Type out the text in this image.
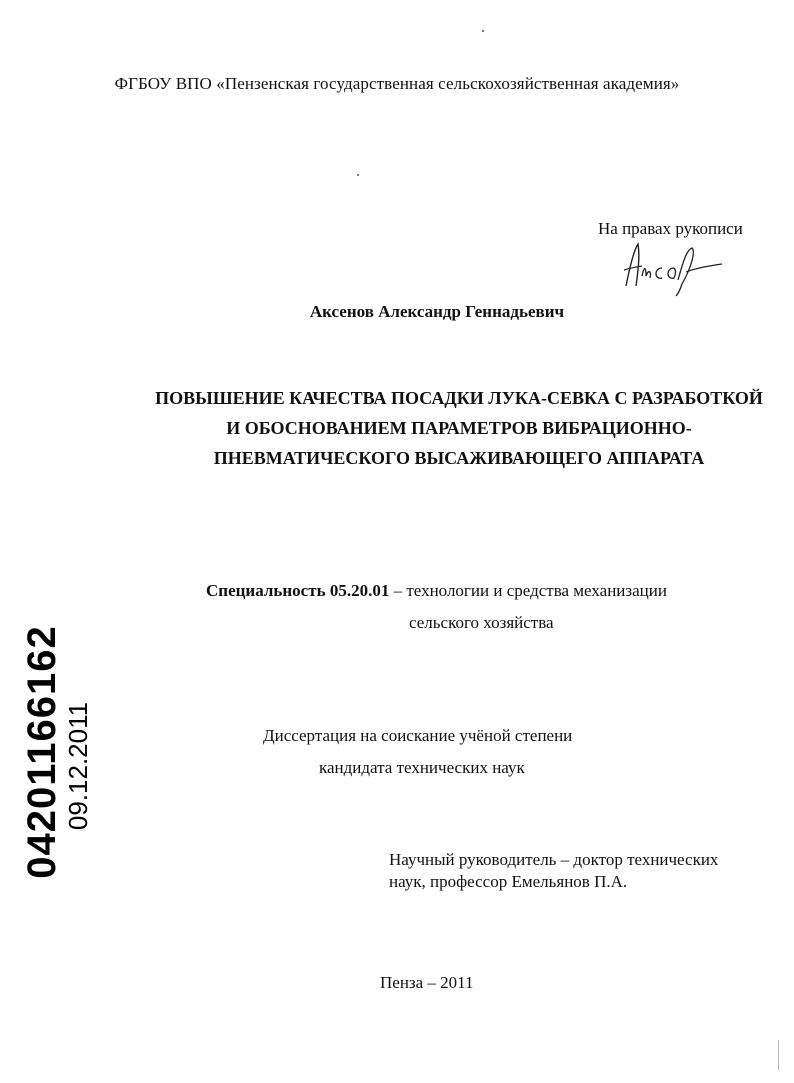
ФГБОУ ВПО «Пензенская государственная сельскохозяйственная академия»
На правах рукописи
Аксенов Александр Геннадьевич
ПОВЫШЕНИЕ КАЧЕСТВА ПОСАДКИ ЛУКА-СЕВКА С РАЗРАБОТКОЙ
И ОБОСНОВАНИЕМ ПАРАМЕТРОВ ВИБРАЦИОННО-
ПНЕВМАТИЧЕСКОГО ВЫСАЖИВАЮЩЕГО АППАРАТА
Специальность 05.20.01 – технологии и средства механизации
сельского хозяйства
Диссертация на соискание учёной степени
кандидата технических наук
Научный руководитель – доктор технических
наук, профессор Емельянов П.А.
Пенза – 2011
04201166162 09.12.2011
